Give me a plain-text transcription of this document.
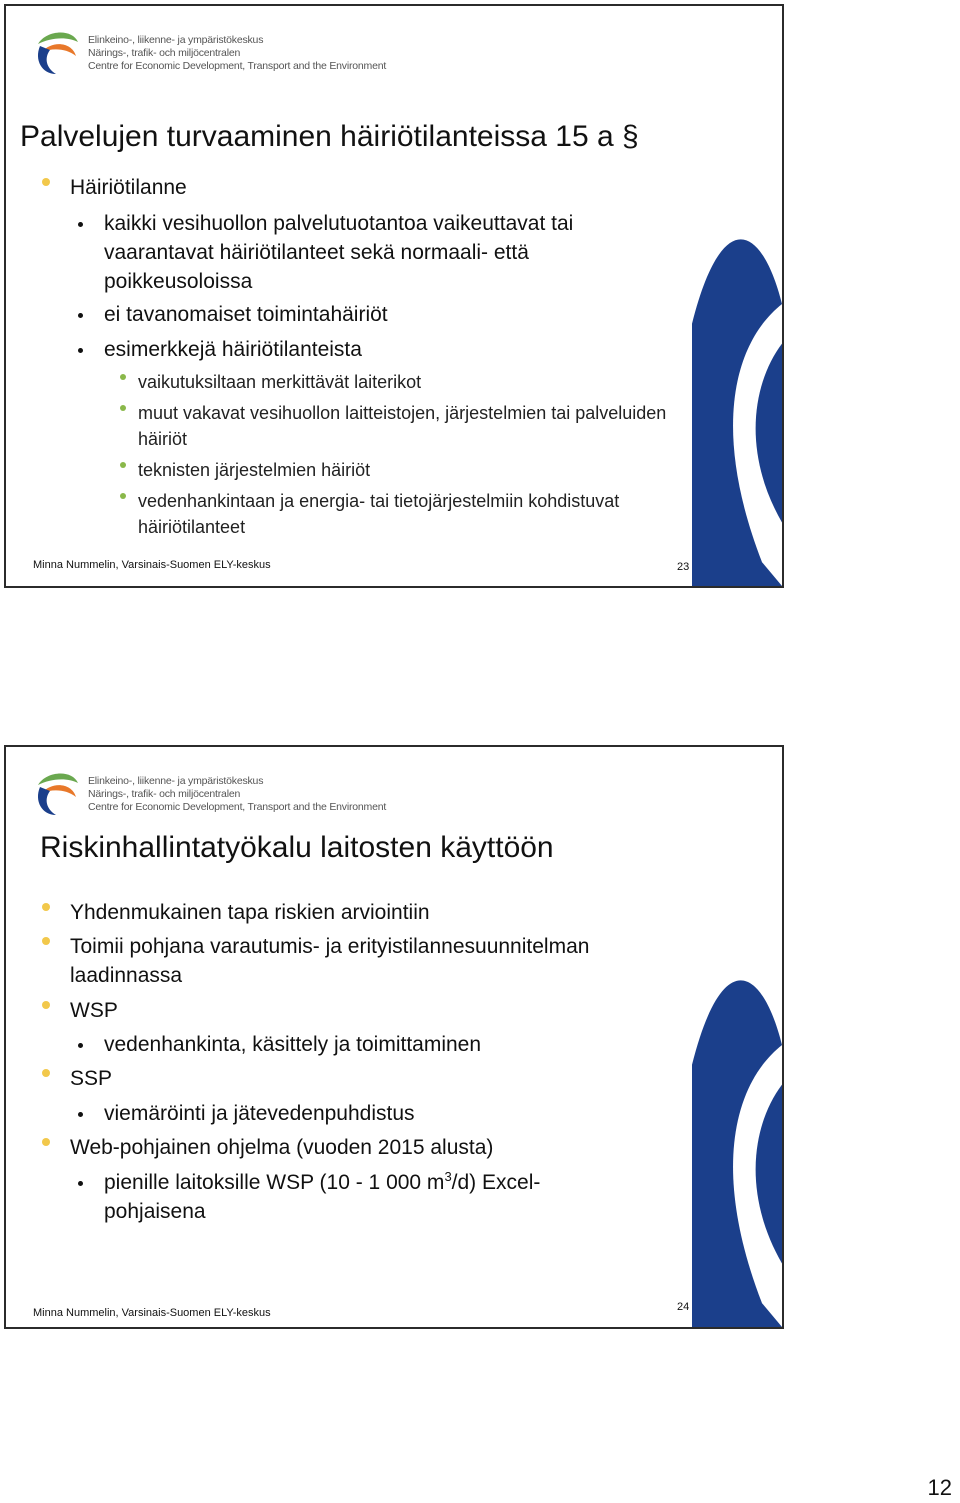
Elinkeino-, liikenne- ja ympäristökeskus
Närings-, trafik- och miljöcentralen
Centre for Economic Development, Transport and the Environment
Palvelujen turvaaminen häiriötilanteissa 15 a §
Häiriötilanne
kaikki vesihuollon palvelutuotantoa vaikeuttavat tai vaarantavat häiriötilanteet sekä normaali- että poikkeusoloissa
ei tavanomaiset toimintahäiriöt
esimerkkejä häiriötilanteista
vaikutuksiltaan merkittävät laiterikot
muut vakavat vesihuollon laitteistojen, järjestelmien tai palveluiden häiriöt
teknisten järjestelmien häiriöt
vedenhankintaan ja energia- tai tietojärjestelmiin kohdistuvat häiriötilanteet
Minna Nummelin, Varsinais-Suomen ELY-keskus	23
Elinkeino-, liikenne- ja ympäristökeskus
Närings-, trafik- och miljöcentralen
Centre for Economic Development, Transport and the Environment
Riskinhallintatyökalu laitosten käyttöön
Yhdenmukainen tapa riskien arviointiin
Toimii pohjana varautumis- ja erityistilannesuunnitelman laadinnassa
WSP
vedenhankinta, käsittely ja toimittaminen
SSP
viemäröinti ja jätevedenpuhdistus
Web-pohjainen ohjelma (vuoden 2015 alusta)
pienille laitoksille WSP (10 - 1 000 $m^3/d$) Excel-pohjaisena
Minna Nummelin, Varsinais-Suomen ELY-keskus	24
12
